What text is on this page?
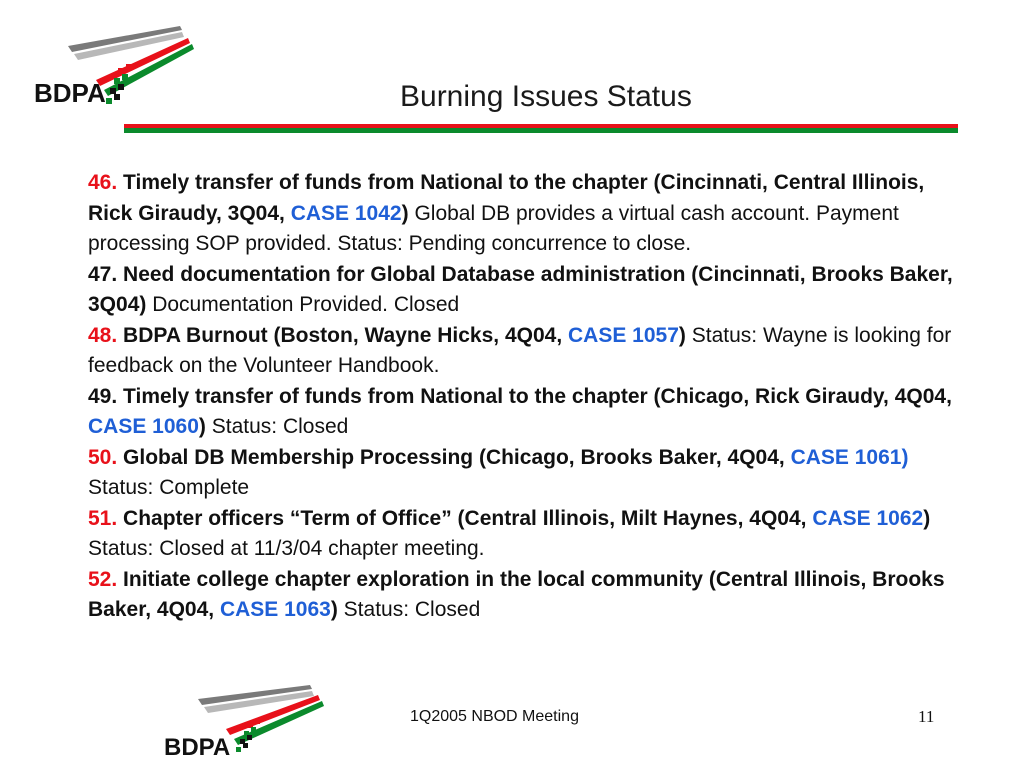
BDPA	Burning Issues Status

46. Timely transfer of funds from National to the chapter (Cincinnati, Central Illinois, Rick Giraudy, 3Q04, CASE 1042) Global DB provides a virtual cash account. Payment processing SOP provided. Status: Pending concurrence to close.

47. Need documentation for Global Database administration (Cincinnati, Brooks Baker, 3Q04) Documentation Provided. Closed

48. BDPA Burnout (Boston, Wayne Hicks, 4Q04, CASE 1057) Status: Wayne is looking for feedback on the Volunteer Handbook.

49. Timely transfer of funds from National to the chapter (Chicago, Rick Giraudy, 4Q04, CASE 1060) Status: Closed

50. Global DB Membership Processing (Chicago, Brooks Baker, 4Q04, CASE 1061) Status: Complete

51. Chapter officers “Term of Office” (Central Illinois, Milt Haynes, 4Q04, CASE 1062) Status: Closed at 11/3/04 chapter meeting.

52. Initiate college chapter exploration in the local community (Central Illinois, Brooks Baker, 4Q04, CASE 1063) Status: Closed

BDPA
1Q2005 NBOD Meeting	11
